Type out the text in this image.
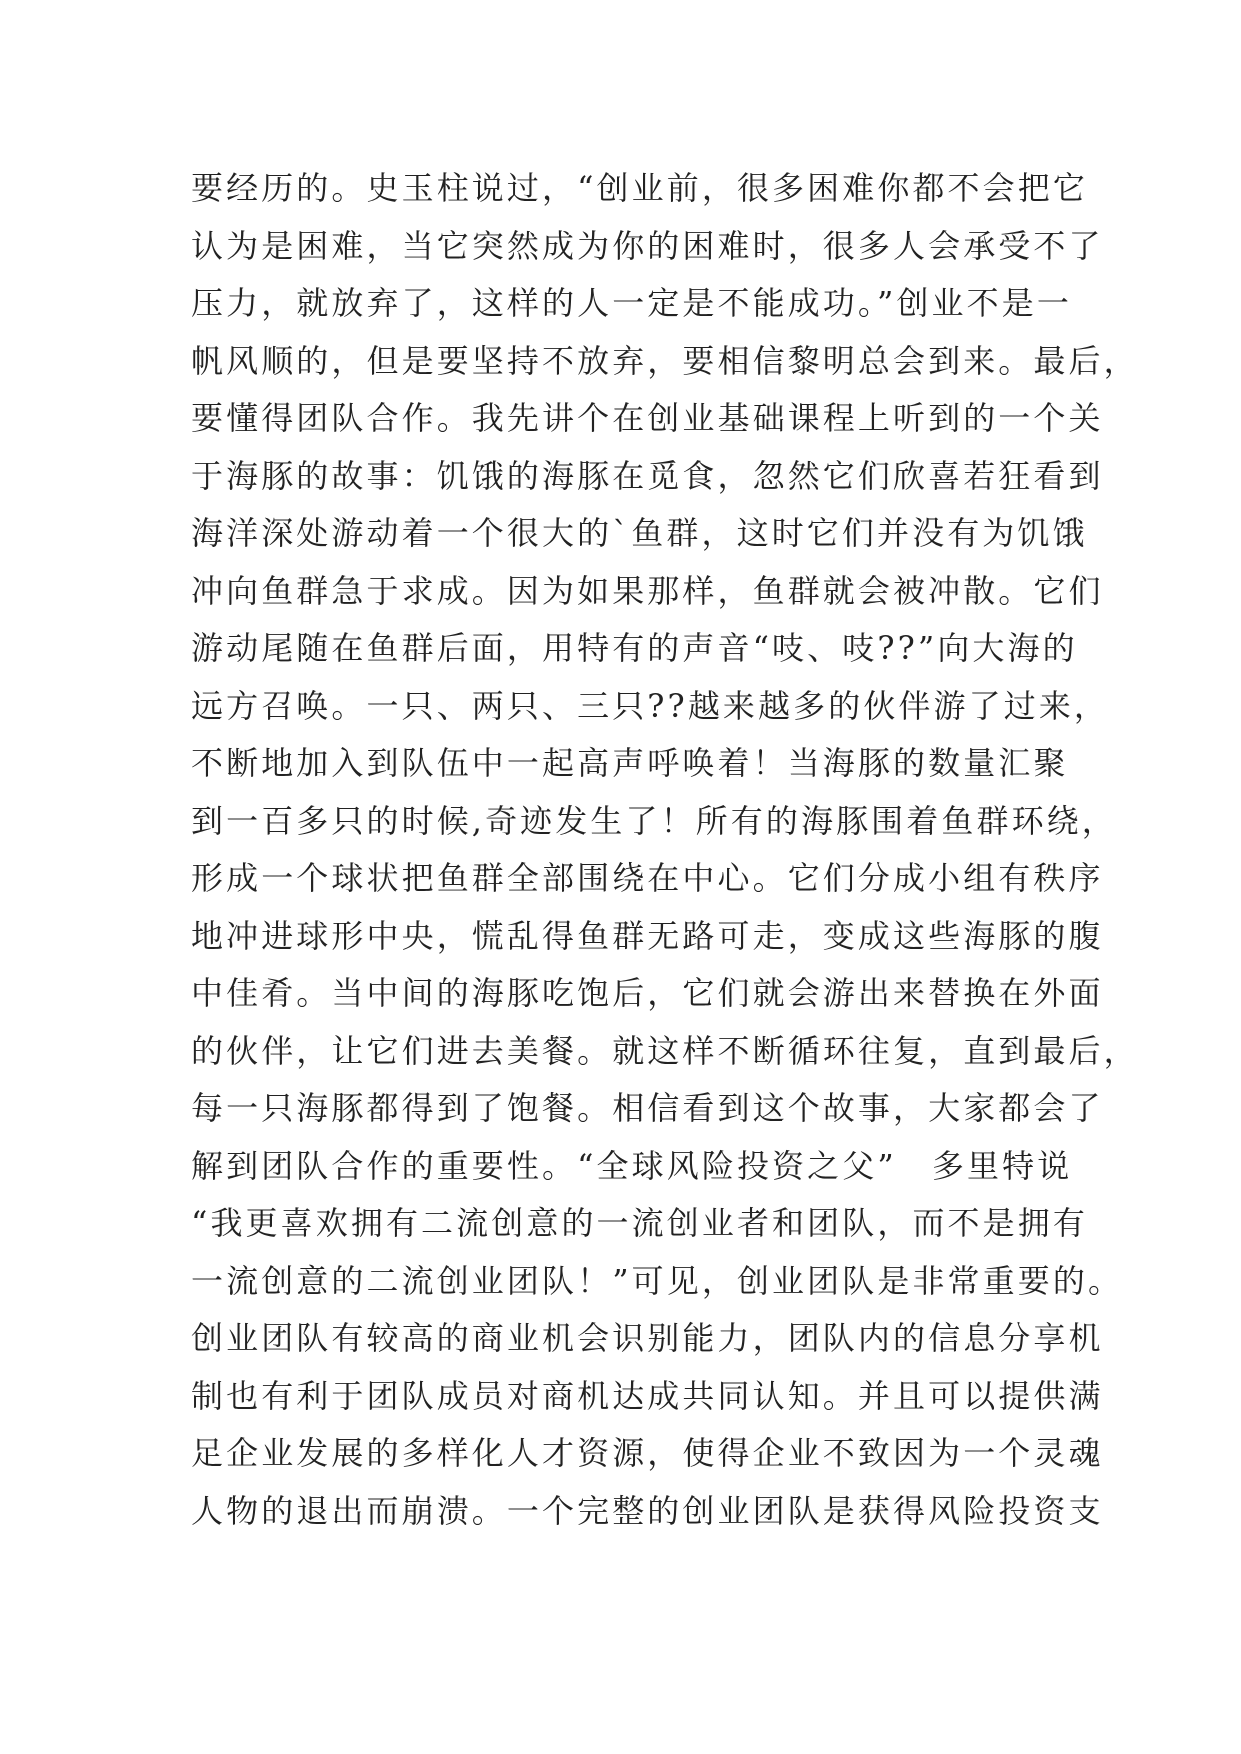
要经历的。史玉柱说过，“创业前，很多困难你都不会把它
认为是困难，当它突然成为你的困难时，很多人会承受不了
压力，就放弃了，这样的人一定是不能成功。”创业不是一
帆风顺的，但是要坚持不放弃，要相信黎明总会到来。最后，
要懂得团队合作。我先讲个在创业基础课程上听到的一个关
于海豚的故事：饥饿的海豚在觅食，忽然它们欣喜若狂看到
海洋深处游动着一个很大的`鱼群，这时它们并没有为饥饿
冲向鱼群急于求成。因为如果那样，鱼群就会被冲散。它们
游动尾随在鱼群后面，用特有的声音“吱、吱??”向大海的
远方召唤。一只、两只、三只??越来越多的伙伴游了过来，
不断地加入到队伍中一起高声呼唤着！当海豚的数量汇聚
到一百多只的时候,奇迹发生了！所有的海豚围着鱼群环绕，
形成一个球状把鱼群全部围绕在中心。它们分成小组有秩序
地冲进球形中央，慌乱得鱼群无路可走，变成这些海豚的腹
中佳肴。当中间的海豚吃饱后，它们就会游出来替换在外面
的伙伴，让它们进去美餐。就这样不断循环往复，直到最后，
每一只海豚都得到了饱餐。相信看到这个故事，大家都会了
解到团队合作的重要性。“全球风险投资之父”　多里特说
“我更喜欢拥有二流创意的一流创业者和团队，而不是拥有
一流创意的二流创业团队！”可见，创业团队是非常重要的。
创业团队有较高的商业机会识别能力，团队内的信息分享机
制也有利于团队成员对商机达成共同认知。并且可以提供满
足企业发展的多样化人才资源，使得企业不致因为一个灵魂
人物的退出而崩溃。一个完整的创业团队是获得风险投资支
